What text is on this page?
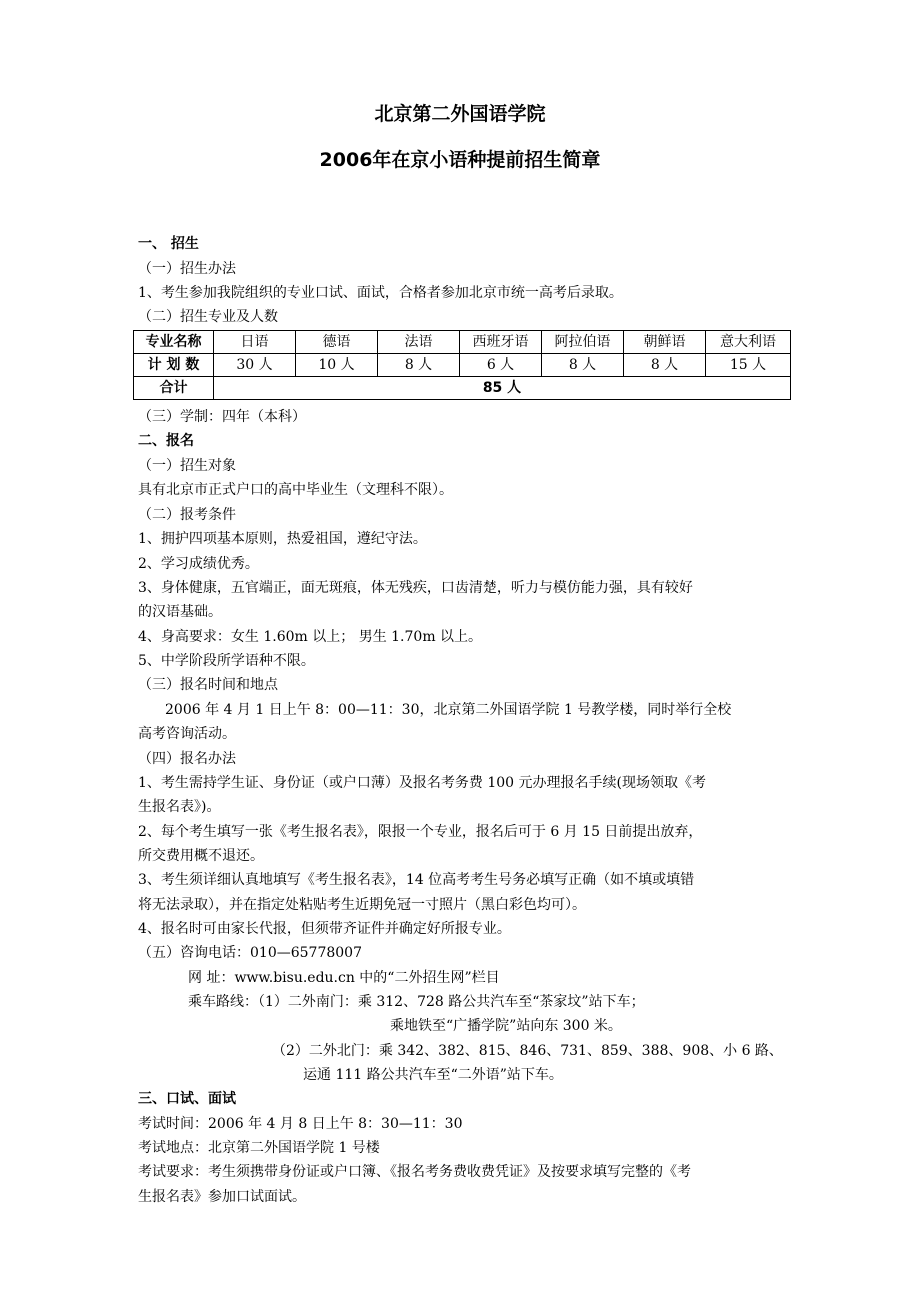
北京第二外国语学院
2006年在京小语种提前招生简章
一、 招生
（一）招生办法
1、考生参加我院组织的专业口试、面试，合格者参加北京市统一高考后录取。
（二）招生专业及人数
专业名称	日语	德语	法语	西班牙语	阿拉伯语	朝鲜语	意大利语
计 划 数	30 人	10 人	8 人	6 人	8 人	8 人	15 人
合计	85 人						
（三）学制：四年（本科）
二、报名
（一）招生对象
具有北京市正式户口的高中毕业生（文理科不限）。
（二）报考条件
1、拥护四项基本原则，热爱祖国，遵纪守法。
2、学习成绩优秀。
3、身体健康，五官端正，面无斑痕，体无残疾，口齿清楚，听力与模仿能力强，具有较好
的汉语基础。
4、身高要求：女生 1.60m 以上； 男生 1.70m 以上。
5、中学阶段所学语种不限。
（三）报名时间和地点
2006 年 4 月 1 日上午 8：00—11：30，北京第二外国语学院 1 号教学楼，同时举行全校
高考咨询活动。
（四）报名办法
1、考生需持学生证、身份证（或户口薄）及报名考务费 100 元办理报名手续(现场领取《考
生报名表》)。
2、每个考生填写一张《考生报名表》，限报一个专业，报名后可于 6 月 15 日前提出放弃，
所交费用概不退还。
3、考生须详细认真地填写《考生报名表》，14 位高考考生号务必填写正确（如不填或填错
将无法录取），并在指定处粘贴考生近期免冠一寸照片（黑白彩色均可）。
4、报名时可由家长代报，但须带齐证件并确定好所报专业。
（五）咨询电话：010—65778007
网 址：www.bisu.edu.cn 中的“二外招生网”栏目
乘车路线：（1）二外南门：乘 312、728 路公共汽车至“茶家坟”站下车；
乘地铁至“广播学院”站向东 300 米。
（2）二外北门：乘 342、382、815、846、731、859、388、908、小 6 路、
运通 111 路公共汽车至“二外语”站下车。
三、口试、面试
考试时间：2006 年 4 月 8 日上午 8：30—11：30
考试地点：北京第二外国语学院 1 号楼
考试要求：考生须携带身份证或户口簿、《报名考务费收费凭证》及按要求填写完整的《考
生报名表》参加口试面试。
